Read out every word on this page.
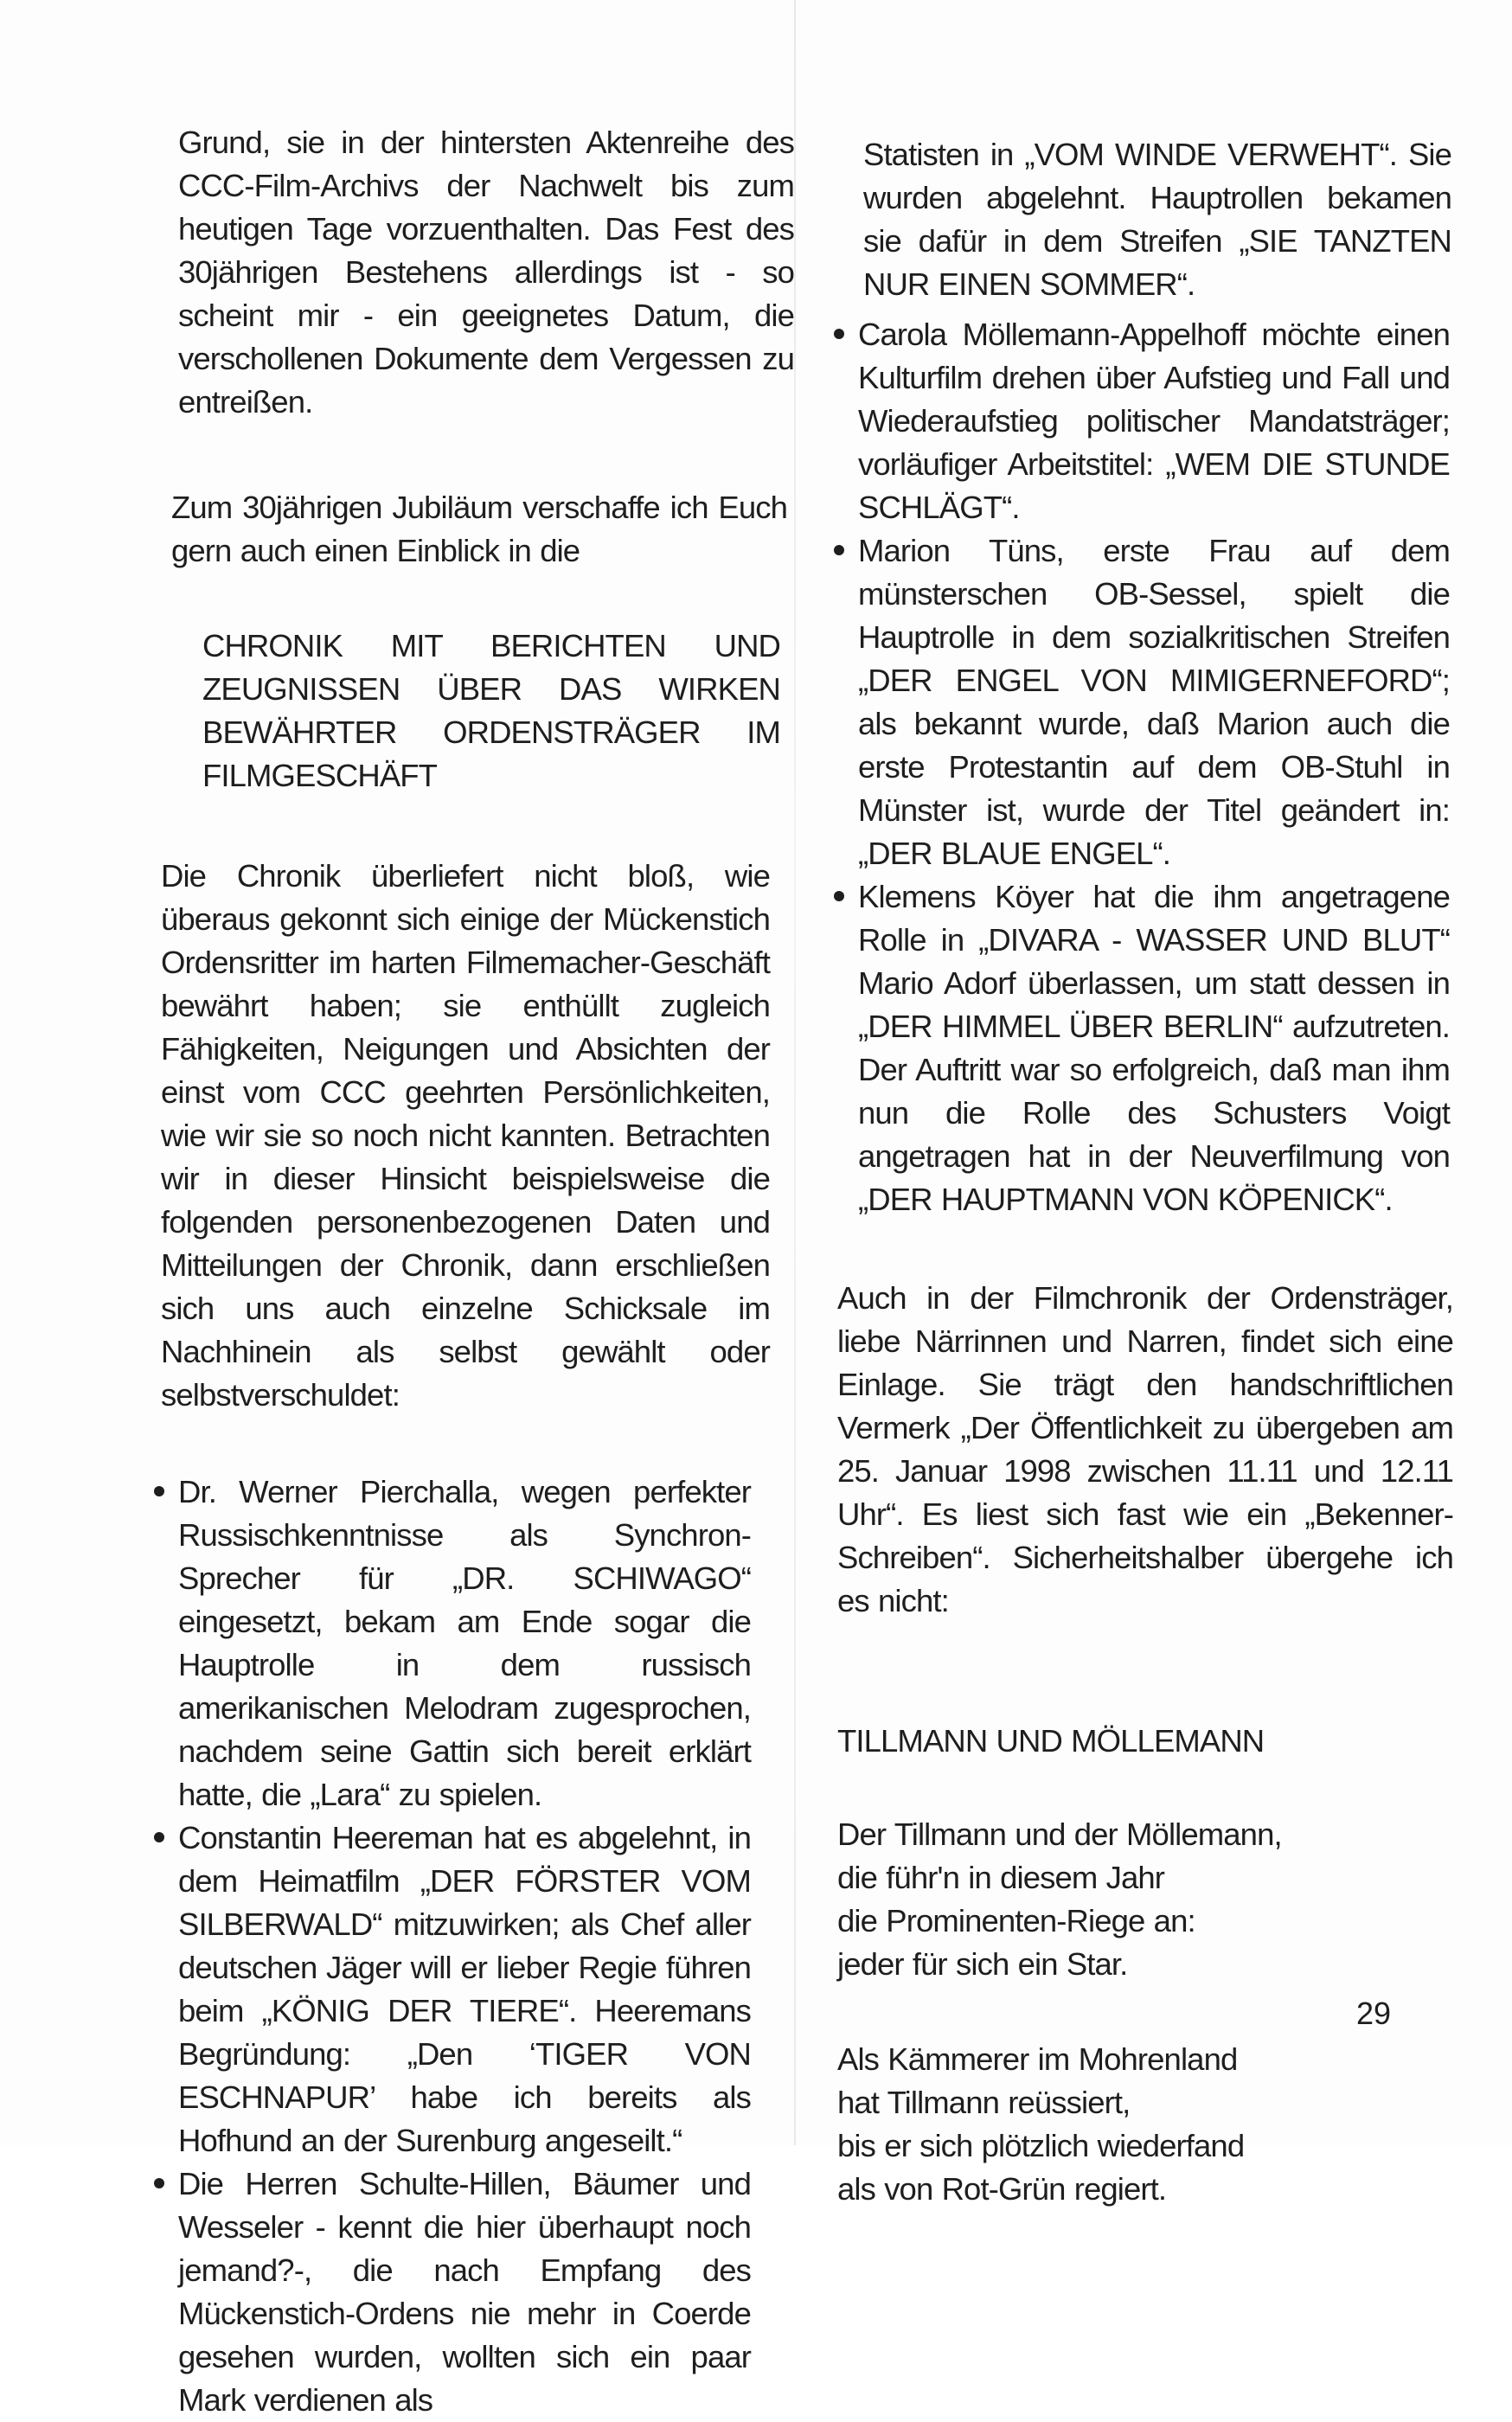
Grund, sie in der hintersten Aktenreihe des CCC-Film-Archivs der Nachwelt bis zum heutigen Tage vorzuenthalten. Das Fest des 30jährigen Bestehens allerdings ist - so scheint mir - ein geeignetes Datum, die verschollenen Dokumente dem Vergessen zu entreißen.

Zum 30jährigen Jubiläum verschaffe ich Euch gern auch einen Einblick in die

CHRONIK MIT BERICHTEN UND ZEUGNISSEN ÜBER DAS WIRKEN BEWÄHRTER ORDENSTRÄGER IM FILMGESCHÄFT

Die Chronik überliefert nicht bloß, wie überaus gekonnt sich einige der Mückenstich Ordensritter im harten Filmemacher-Geschäft bewährt haben; sie enthüllt zugleich Fähigkeiten, Neigungen und Absichten der einst vom CCC geehrten Persönlichkeiten, wie wir sie so noch nicht kannten. Betrachten wir in dieser Hinsicht beispielsweise die folgenden personenbezogenen Daten und Mitteilungen der Chronik, dann erschließen sich uns auch einzelne Schicksale im Nachhinein als selbst gewählt oder selbstverschuldet:

Dr. Werner Pierchalla, wegen perfekter Russischkenntnisse als Synchron-Sprecher für „DR. SCHIWAGO“ eingesetzt, bekam am Ende sogar die Hauptrolle in dem russisch amerikanischen Melodram zugesprochen, nachdem seine Gattin sich bereit erklärt hatte, die „Lara“ zu spielen.
Constantin Heereman hat es abgelehnt, in dem Heimatfilm „DER FÖRSTER VOM SILBERWALD“ mitzuwirken; als Chef aller deutschen Jäger will er lieber Regie führen beim „KÖNIG DER TIERE“. Heeremans Begründung: „Den ‘TIGER VON ESCHNAPUR’ habe ich bereits als Hofhund an der Surenburg angeseilt.“
Die Herren Schulte-Hillen, Bäumer und Wesseler - kennt die hier überhaupt noch jemand?-, die nach Empfang des Mückenstich-Ordens nie mehr in Coerde gesehen wurden, wollten sich ein paar Mark verdienen als

Statisten in „VOM WINDE VERWEHT“. Sie wurden abgelehnt. Hauptrollen bekamen sie dafür in dem Streifen „SIE TANZTEN NUR EINEN SOMMER“.

Carola Möllemann-Appelhoff möchte einen Kulturfilm drehen über Aufstieg und Fall und Wiederaufstieg politischer Mandatsträger; vorläufiger Arbeitstitel: „WEM DIE STUNDE SCHLÄGT“.
Marion Tüns, erste Frau auf dem münsterschen OB-Sessel, spielt die Hauptrolle in dem sozialkritischen Streifen „DER ENGEL VON MIMIGERNEFORD“; als bekannt wurde, daß Marion auch die erste Protestantin auf dem OB-Stuhl in Münster ist, wurde der Titel geändert in: „DER BLAUE ENGEL“.
Klemens Köyer hat die ihm angetragene Rolle in „DIVARA - WASSER UND BLUT“ Mario Adorf überlassen, um statt dessen in „DER HIMMEL ÜBER BERLIN“ aufzutreten. Der Auftritt war so erfolgreich, daß man ihm nun die Rolle des Schusters Voigt angetragen hat in der Neuverfilmung von „DER HAUPTMANN VON KÖPENICK“.

Auch in der Filmchronik der Ordensträger, liebe Närrinnen und Narren, findet sich eine Einlage. Sie trägt den handschriftlichen Vermerk „Der Öffentlichkeit zu übergeben am 25. Januar 1998 zwischen 11.11 und 12.11 Uhr“. Es liest sich fast wie ein „Bekenner-Schreiben“. Sicherheitshalber übergehe ich es nicht:

TILLMANN UND MÖLLEMANN
Der Tillmann und der Möllemann,
die führ'n in diesem Jahr
die Prominenten-Riege an:
jeder für sich ein Star.
Als Kämmerer im Mohrenland
hat Tillmann reüssiert,
bis er sich plötzlich wiederfand
als von Rot-Grün regiert.
29
